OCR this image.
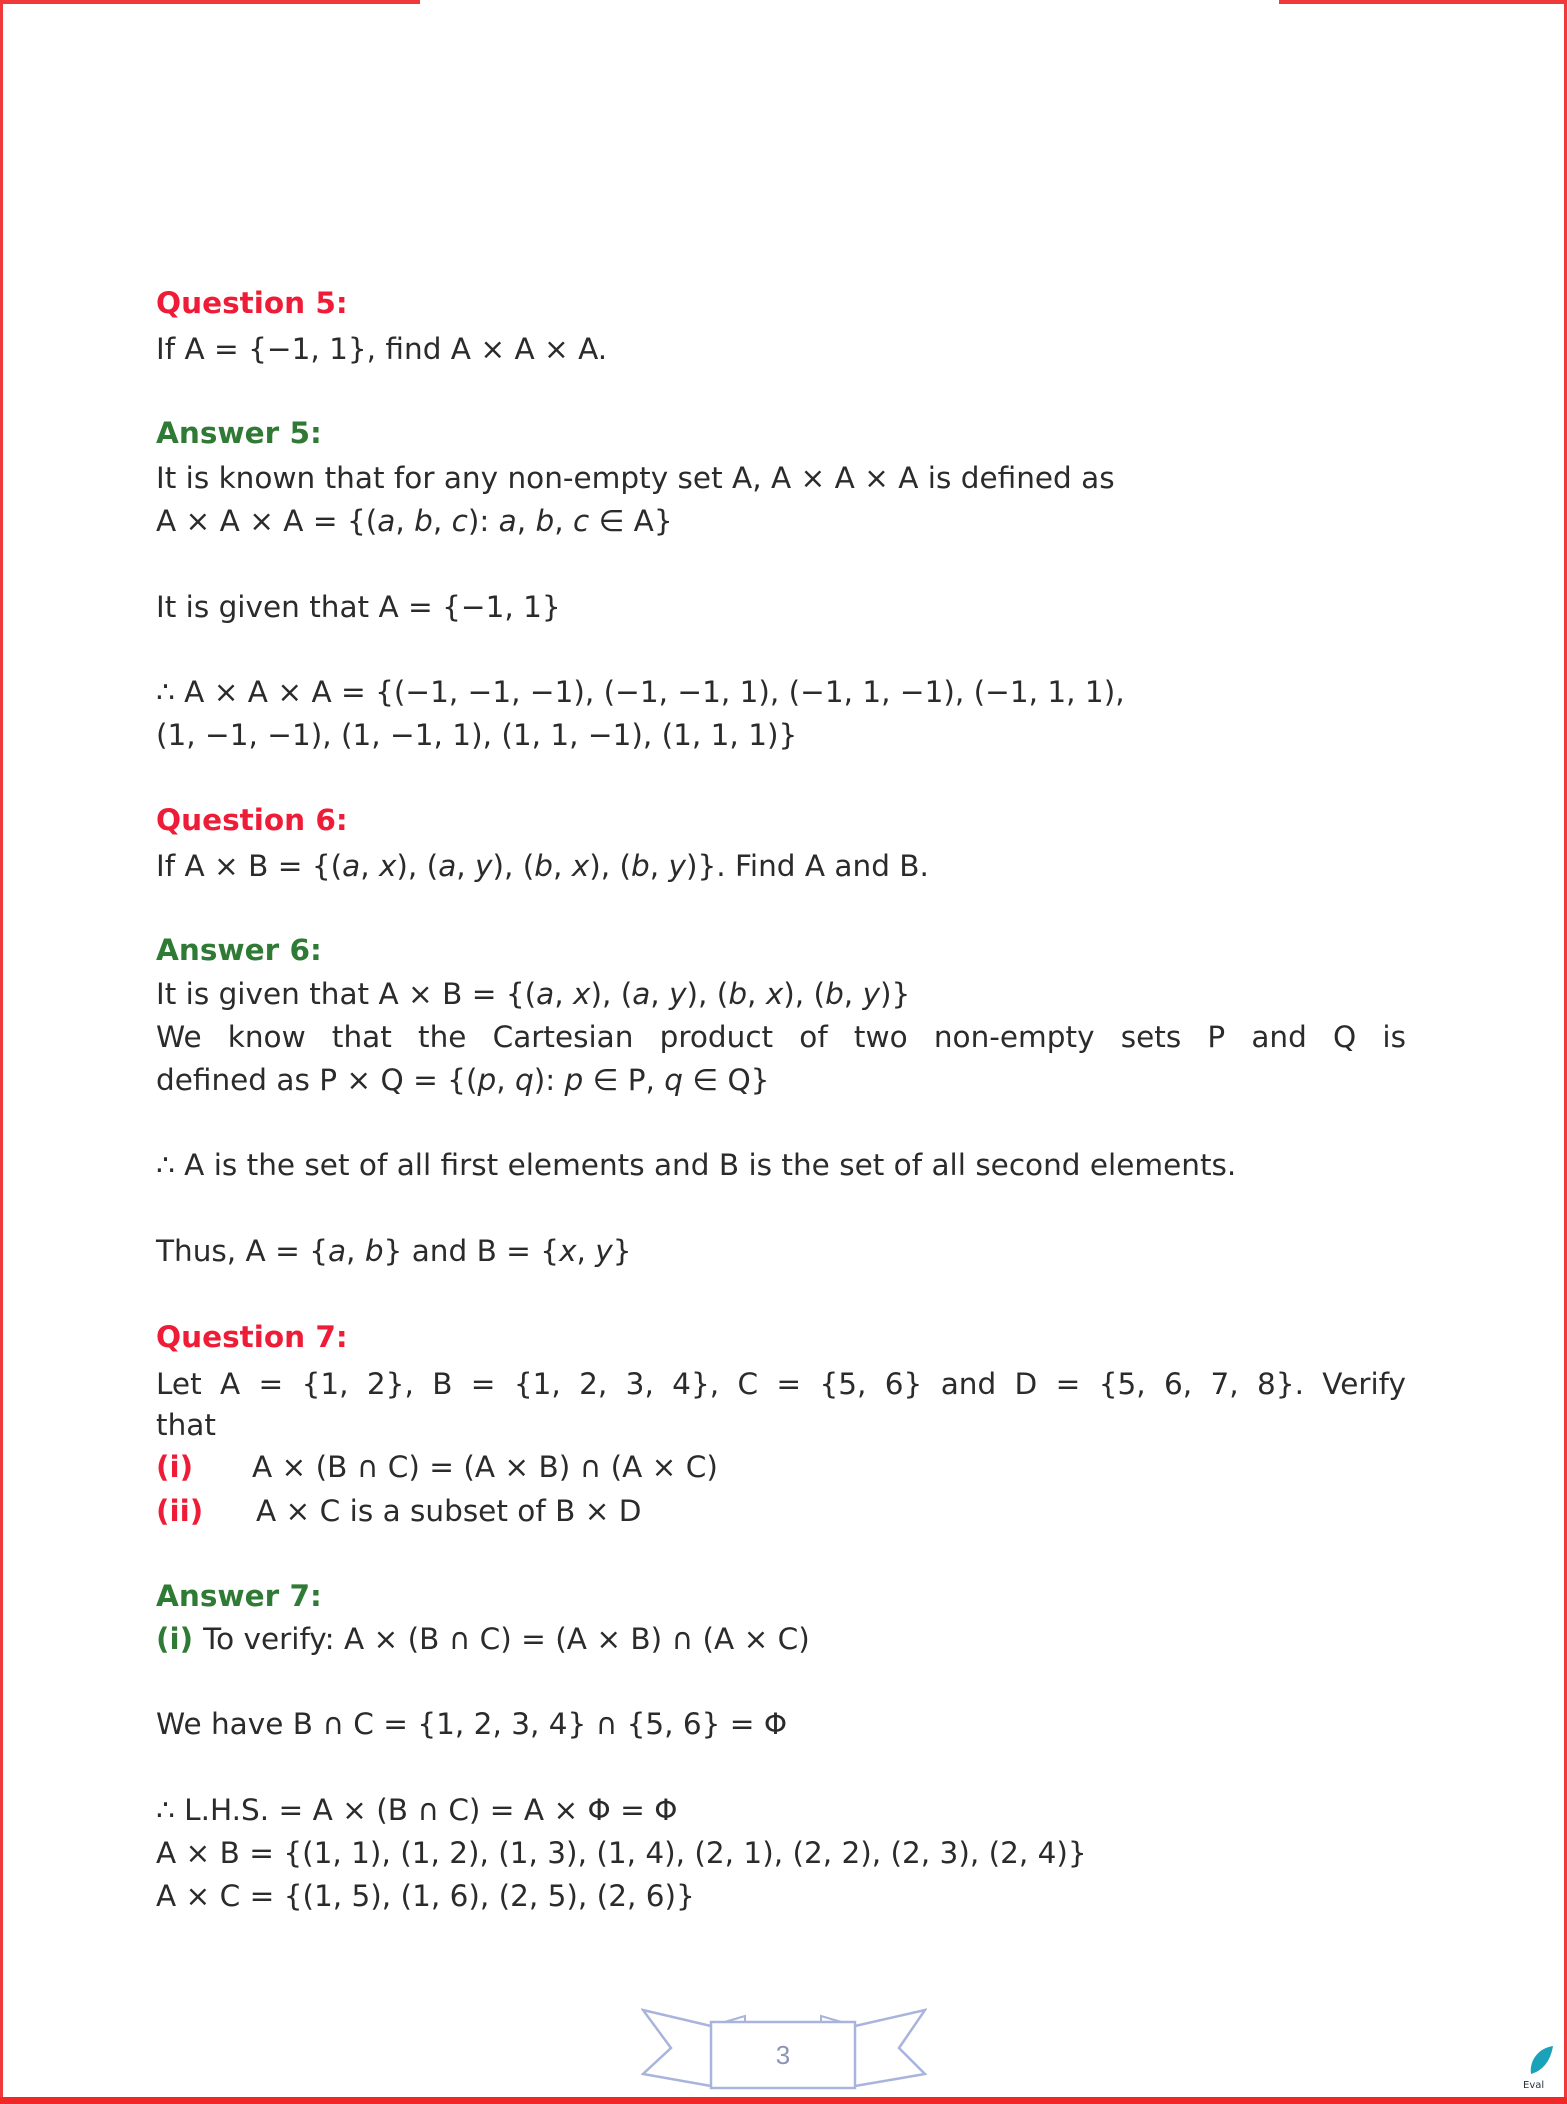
Question 5:
If A = {−1, 1}, find A × A × A.
Answer 5:
It is known that for any non-empty set A, A × A × A is defined as
A × A × A = {(a, b, c): a, b, c ∈ A}
It is given that A = {−1, 1}
∴ A × A × A = {(−1, −1, −1), (−1, −1, 1), (−1, 1, −1), (−1, 1, 1),
(1, −1, −1), (1, −1, 1), (1, 1, −1), (1, 1, 1)}
Question 6:
If A × B = {(a, x), (a, y), (b, x), (b, y)}. Find A and B.
Answer 6:
It is given that A × B = {(a, x), (a, y), (b, x), (b, y)}
We know that the Cartesian product of two non-empty sets P and Q is
defined as P × Q = {(p, q): p ∈ P, q ∈ Q}
∴ A is the set of all first elements and B is the set of all second elements.
Thus, A = {a, b} and B = {x, y}
Question 7:
Let A = {1, 2}, B = {1, 2, 3, 4}, C = {5, 6} and D = {5, 6, 7, 8}. Verify
that
(i) A × (B ∩ C) = (A × B) ∩ (A × C)
(ii) A × C is a subset of B × D
Answer 7:
(i) To verify: A × (B ∩ C) = (A × B) ∩ (A × C)
We have B ∩ C = {1, 2, 3, 4} ∩ {5, 6} = Φ
∴ L.H.S. = A × (B ∩ C) = A × Φ = Φ
A × B = {(1, 1), (1, 2), (1, 3), (1, 4), (2, 1), (2, 2), (2, 3), (2, 4)}
A × C = {(1, 5), (1, 6), (2, 5), (2, 6)}
3
Eval
